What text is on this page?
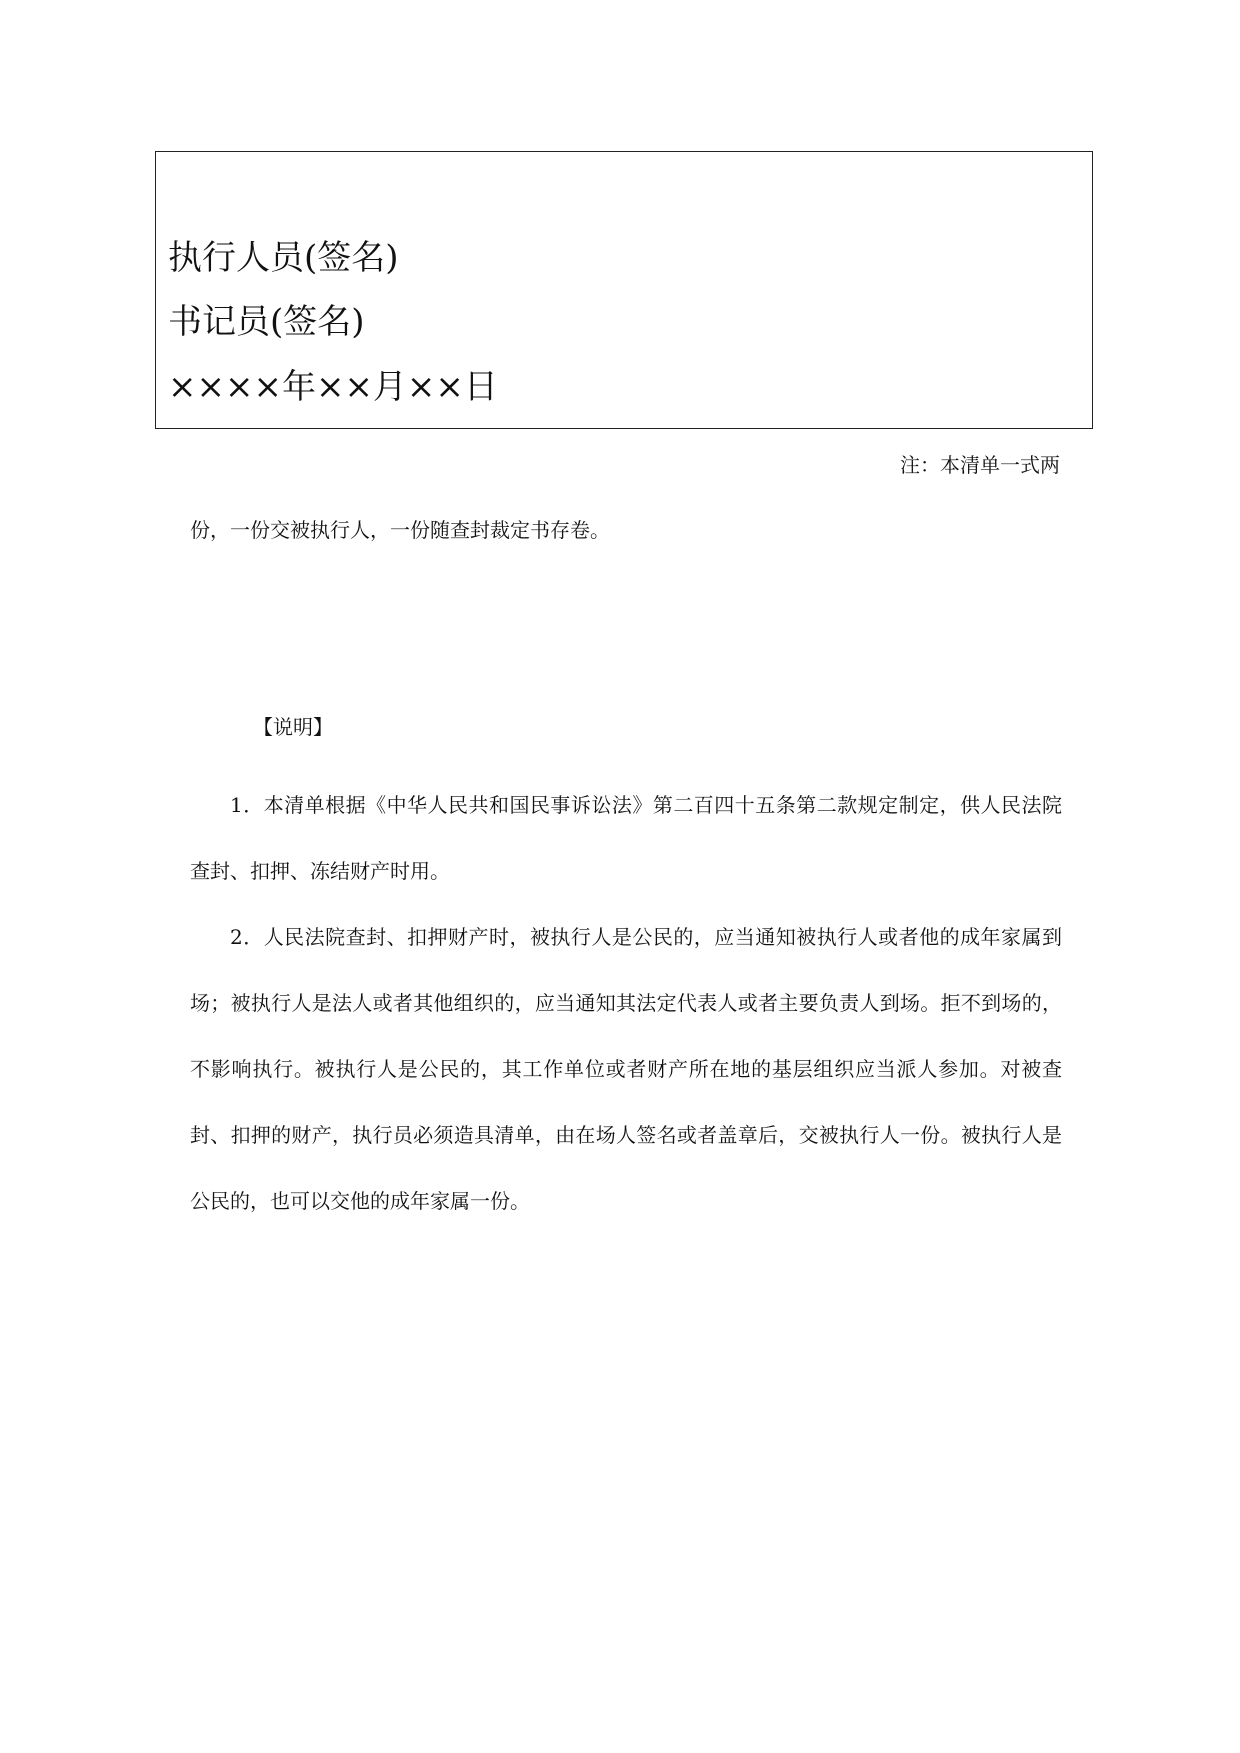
执行人员(签名)
书记员(签名)
××××年××月××日
注：本清单一式两
份，一份交被执行人，一份随查封裁定书存卷。
【说明】

1．本清单根据《中华人民共和国民事诉讼法》第二百四十五条第二款规定制定，供人民法院查封、扣押、冻结财产时用。

2．人民法院查封、扣押财产时，被执行人是公民的，应当通知被执行人或者他的成年家属到场；被执行人是法人或者其他组织的，应当通知其法定代表人或者主要负责人到场。拒不到场的，不影响执行。被执行人是公民的，其工作单位或者财产所在地的基层组织应当派人参加。对被查封、扣押的财产，执行员必须造具清单，由在场人签名或者盖章后，交被执行人一份。被执行人是公民的，也可以交他的成年家属一份。
